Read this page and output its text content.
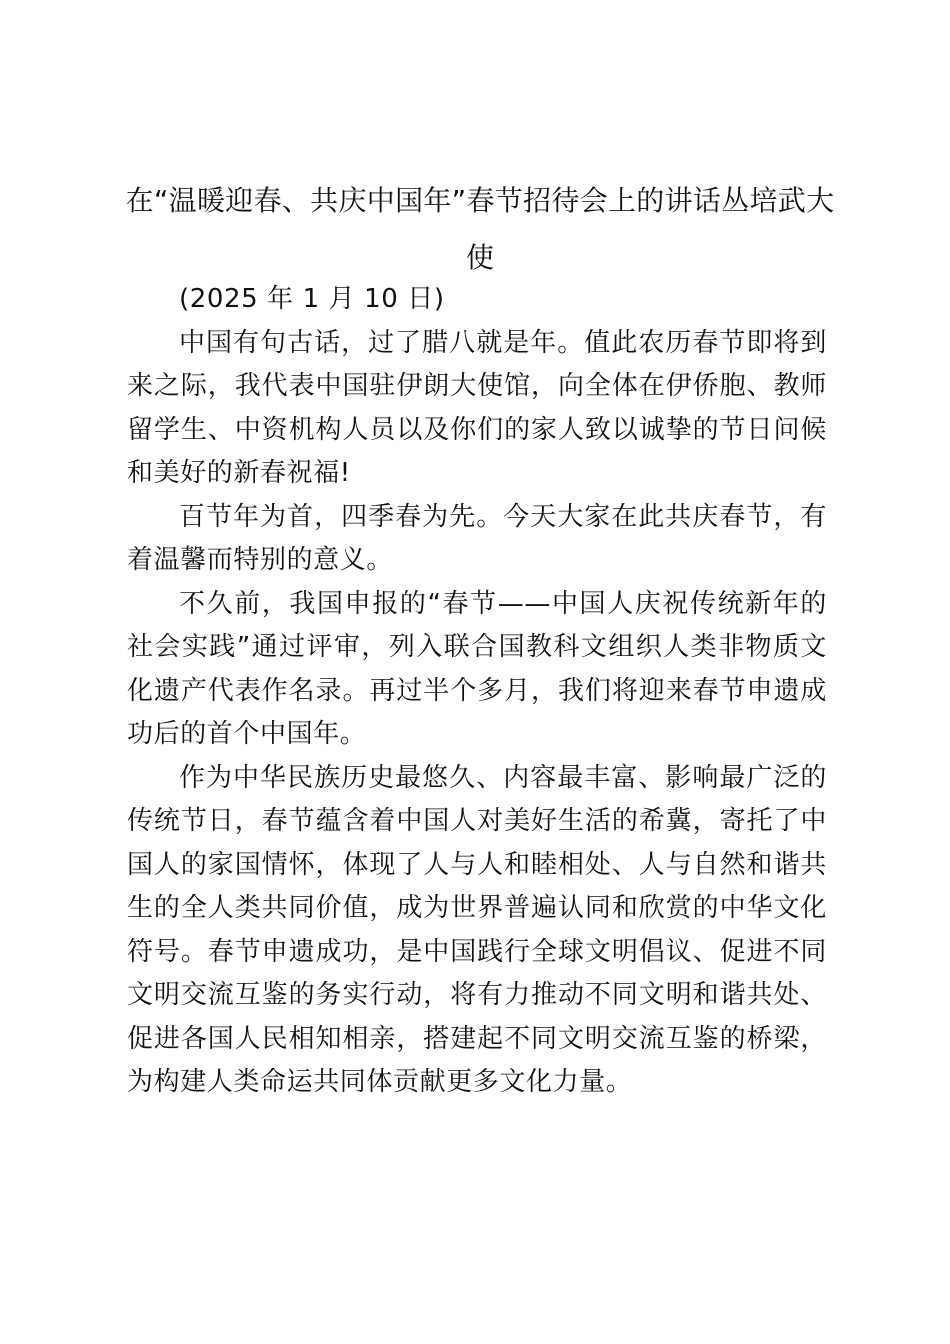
在“温暖迎春、共庆中国年”春节招待会上的讲话丛培武大使

(2025 年 1 月 10 日)

中国有句古话，过了腊八就是年。值此农历春节即将到来之际，我代表中国驻伊朗大使馆，向全体在伊侨胞、教师留学生、中资机构人员以及你们的家人致以诚挚的节日问候和美好的新春祝福!

百节年为首，四季春为先。今天大家在此共庆春节，有着温馨而特别的意义。

不久前，我国申报的“春节——中国人庆祝传统新年的社会实践”通过评审，列入联合国教科文组织人类非物质文化遗产代表作名录。再过半个多月，我们将迎来春节申遗成功后的首个中国年。

作为中华民族历史最悠久、内容最丰富、影响最广泛的传统节日，春节蕴含着中国人对美好生活的希冀，寄托了中国人的家国情怀，体现了人与人和睦相处、人与自然和谐共生的全人类共同价值，成为世界普遍认同和欣赏的中华文化符号。春节申遗成功，是中国践行全球文明倡议、促进不同文明交流互鉴的务实行动，将有力推动不同文明和谐共处、促进各国人民相知相亲，搭建起不同文明交流互鉴的桥梁，为构建人类命运共同体贡献更多文化力量。
